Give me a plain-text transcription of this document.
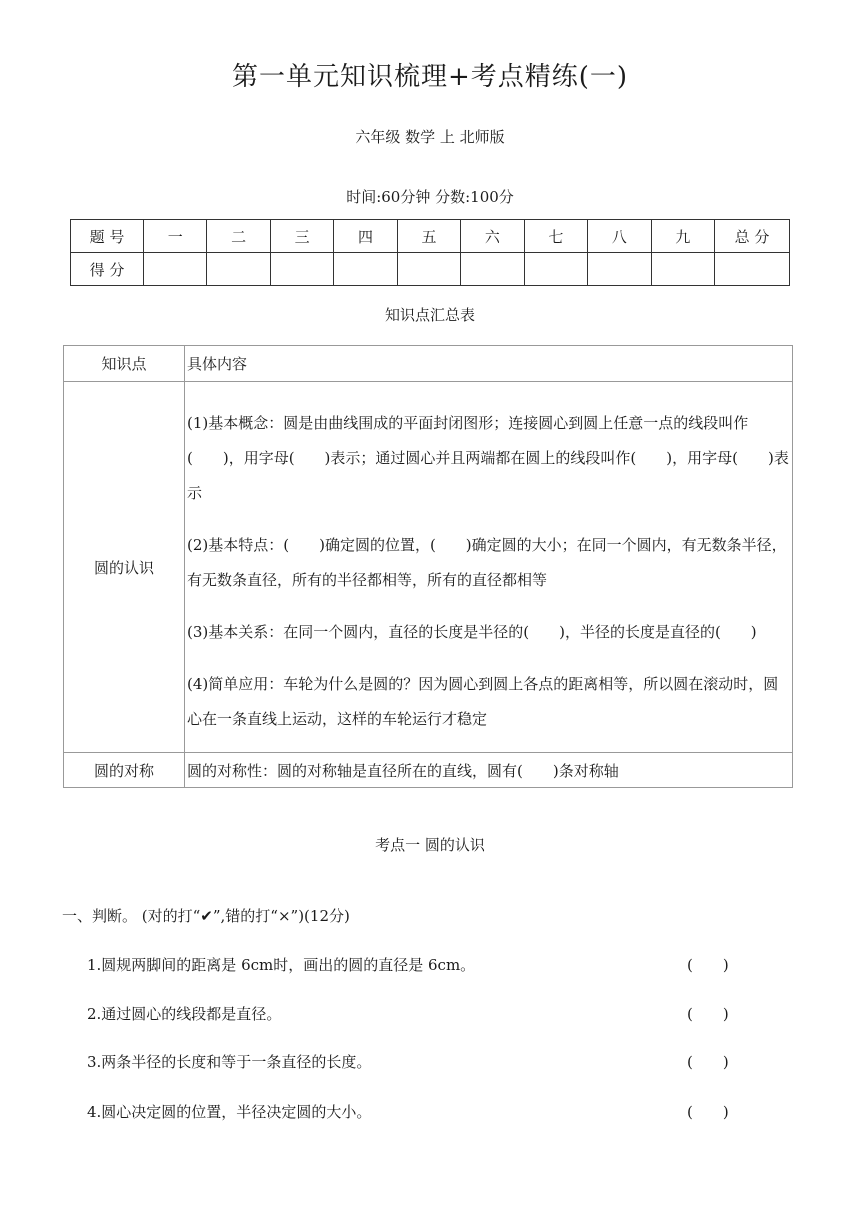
第一单元知识梳理+考点精练(一)
六年级 数学 上 北师版
时间:60分钟 分数:100分
题 号	一	二	三	四	五	六	七	八	九	总 分
得 分										
知识点汇总表
知识点	具体内容
圆的认识	(1)基本概念：圆是由曲线围成的平面封闭图形；连接圆心到圆上任意一点的线段叫作(　　)，用字母(　　)表示；通过圆心并且两端都在圆上的线段叫作(　　)，用字母(　　)表示

(2)基本特点：(　　)确定圆的位置，(　　)确定圆的大小；在同一个圆内，有无数条半径，有无数条直径，所有的半径都相等，所有的直径都相等

(3)基本关系：在同一个圆内，直径的长度是半径的(　　)，半径的长度是直径的(　　)

(4)简单应用：车轮为什么是圆的？因为圆心到圆上各点的距离相等，所以圆在滚动时，圆心在一条直线上运动，这样的车轮运行才稳定

圆的对称	圆的对称性：圆的对称轴是直径所在的直线，圆有(　　)条对称轴
考点一 圆的认识
一、判断。 (对的打“✔”,错的打“×”)(12分)
1.圆规两脚间的距离是 6cm时，画出的圆的直径是 6cm。	(　　)
2.通过圆心的线段都是直径。	(　　)
3.两条半径的长度和等于一条直径的长度。	(　　)
4.圆心决定圆的位置，半径决定圆的大小。	(　　)
